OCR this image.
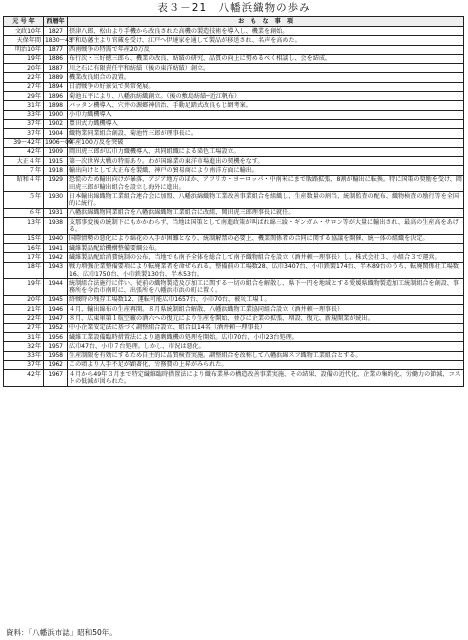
表３－21　八幡浜織物の歩み
元 号 年	西暦年	お　も　な　事　項
文政10年	1827	摂津八郎、松山より手機から改良された高機の製造技術を導入し、機業を創始。
天保年間	1830〜43	宇和島藩主より官蔵を受け、江戸へ伊達家を通して製品が移送され、名声を高めた。
明治10年	1877	西南戦争の特需で年産20万反
19年	1886	布行次・三好徳三郎ら、機業の改良、紡績の研究、品質の向上に努めるべく相談し、会を結成。
20年	1887	川之石に有限責任宇和紡績（後の東洋紡績）創立。
22年	1889	機業改良組合の設置。
27年	1894	日清戦争の好景気で異常発展。
29年	1896	菊池五平により、八幡浜紡織創立。（後の敷島紡績─近江帆布）
31年	1898	バッタン機導入、穴井の源郷神信治、手動足踏式改良もじ網考案。
33年	1900	小巾力織機導入
37年	1902	豊田式力織機導入
37年	1904	織物業同業組合創設、菊池竹三郎が理事長に。
39〜42年	1906〜09	年産100万反を突破
42年	1909	岡田虎三郎が広巾力織機導入、共同組織による染色工場設立。
大正４年	1915	第一次世界大戦の特需あり。わが国綿業の東洋市場進出の契機をなす。
７年	1918	輸出向けとして大正布を製織、神戸の貿易商により南洋方面に輸出。
昭和４年	1929	恐慌のため輸出向けが暴落、アジア地方のほか、アフリカ・ヨーロッパ・中南米にまで販路拡張、8割が輸出に転換。特に国策の奨励を受け、岡田虎三郎が輸出組合を設立し海外に進出。
５年	1930	日本輸出綿織物工業組合連合会に加盟、八幡浜綿織物工業改善事業組合を組織し、生産数量の割当、統制監査の配布、織物検査の励行等を全国的に統行。
６年	1931	八幡浜綿織物同業組合を八幡浜綿織物工業組合に改組、岡田虎三郎理事長に就任。
13年	1938	支那事変後の統制下にもかかわらず、当地は国策として南進政策が叫ばれ綿三綾・ギンガム・サロン等が大量に輸出され、最高の生産高をあげる。
15年	1940	国際情勢の悪化により綿花の入手が困難となり、統制解禁の必要上、機業関係者の合同に関する協議を開催、統一体の組織を決定。
16年	1941	繊維製品配給機構整備要綱公布。
17年	1942	繊維製品配給消費統制の公布、当地でも南予全体を総合して南予織物組合を設立（酒井頼一理事長）し、株式会社３、小組合３で運営。
18年	1943	戦力増強企業整備要項により転廃業者を命ぜられる。整備前の工場数28、広巾3407台、小巾鉄製174台、半木89台のうち、転廃関係社工場数16、広巾1750台、小巾鉄製130台、半木53台。
19年	1944	統制組合法施行に伴い、従前の織物製造及び加工に関する一切の組合を解散し、県下一円を地域とする愛媛県織物製造加工統制組合を創設、事務所を今治市南町に、出張所を八幡浜市浜の町に置く。
20年	1945	終戦時の残存工場数12、運転可能広巾1657台、小巾70台、被災工場１。
21年	1946	４月、輸出綿布の生産再開。８月県統制組合解散、八幡浜織物工業協同組合設立（酒井頼一理事長）
22年	1947	８月、広東軍第１航空廠の酒六への復元により生産を開始、並びに企業の拡張、増設、復元、新規開業が続出。
27年	1952	中小企業安定法に基づく調整組合設立、組合員14名（酒井頼一理事長）
31年	1956	繊維工業設備臨時措置法により過剰織機の処理を開始。広巾70台、小巾23台処理。
32年	1957	広巾47台、小巾７台処理。しかし、市況は悪化。
33年	1958	生産制限を有効にするため自主的に品質検査実施。調整組合を改称して八幡浜綿スフ織物工業組合とする。
37年	1962	この頃より人手不足が顕著化、労務費の上昇がみられた。
42年	1967	４月から49年３月まで特定繊維臨時措置法により織布業界の構造改善事業実施、その結果、設備の近代化、企業の集約化、労働力の節減、コストの低減が図られた。
資料：「八幡浜市誌」昭和50年。
